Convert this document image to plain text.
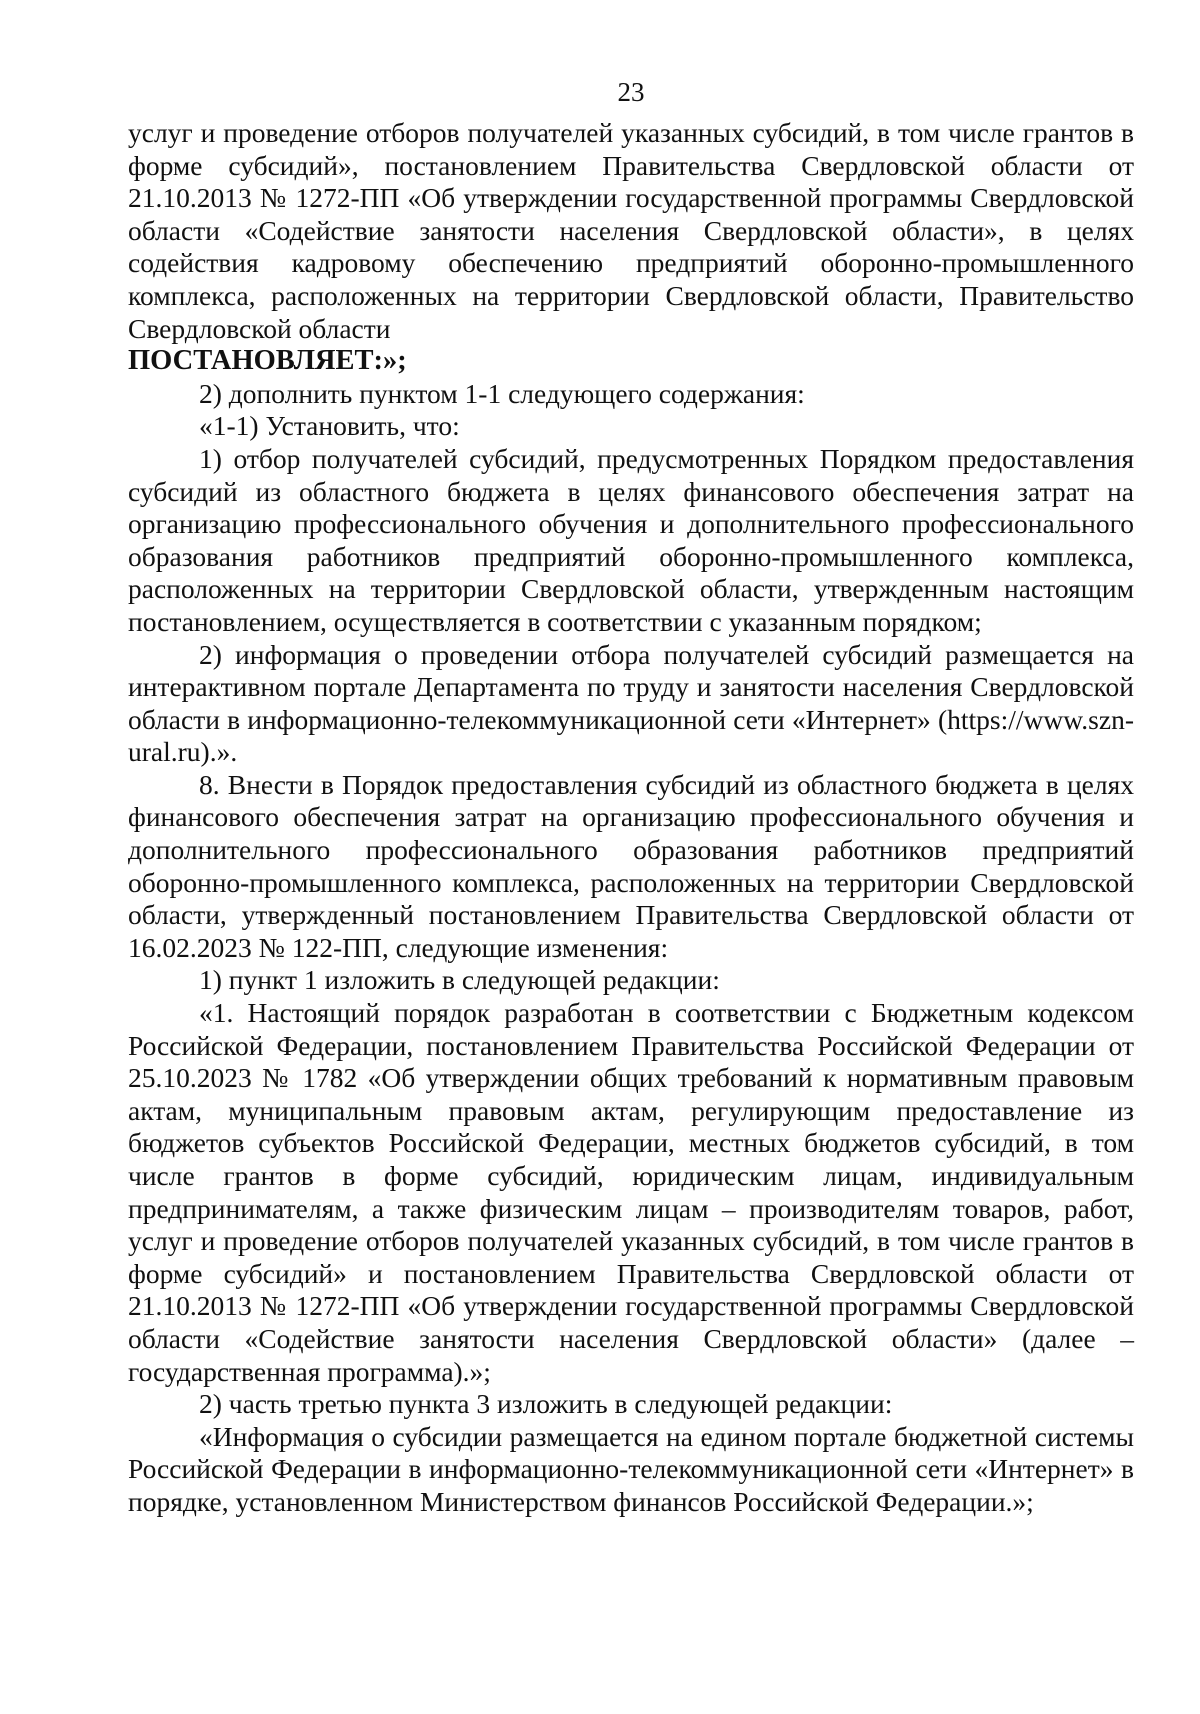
23

услуг и проведение отборов получателей указанных субсидий, в том числе грантов в форме субсидий», постановлением Правительства Свердловской области от 21.10.2013 № 1272-ПП «Об утверждении государственной программы Свердловской области «Содействие занятости населения Свердловской области», в целях содействия кадровому обеспечению предприятий оборонно-промышленного комплекса, расположенных на территории Свердловской области, Правительство Свердловской области

ПОСТАНОВЛЯЕТ:»;

2) дополнить пунктом 1-1 следующего содержания:

«1-1) Установить, что:

1) отбор получателей субсидий, предусмотренных Порядком предоставления субсидий из областного бюджета в целях финансового обеспечения затрат на организацию профессионального обучения и дополнительного профессионального образования работников предприятий оборонно-промышленного комплекса, расположенных на территории Свердловской области, утвержденным настоящим постановлением, осуществляется в соответствии с указанным порядком;

2) информация о проведении отбора получателей субсидий размещается на интерактивном портале Департамента по труду и занятости населения Свердловской области в информационно-телекоммуникационной сети «Интернет» (https://www.szn-ural.ru).».

8. Внести в Порядок предоставления субсидий из областного бюджета в целях финансового обеспечения затрат на организацию профессионального обучения и дополнительного профессионального образования работников предприятий оборонно-промышленного комплекса, расположенных на территории Свердловской области, утвержденный постановлением Правительства Свердловской области от 16.02.2023 № 122-ПП, следующие изменения:

1) пункт 1 изложить в следующей редакции:

«1. Настоящий порядок разработан в соответствии с Бюджетным кодексом Российской Федерации, постановлением Правительства Российской Федерации от 25.10.2023 № 1782 «Об утверждении общих требований к нормативным правовым актам, муниципальным правовым актам, регулирующим предоставление из бюджетов субъектов Российской Федерации, местных бюджетов субсидий, в том числе грантов в форме субсидий, юридическим лицам, индивидуальным предпринимателям, а также физическим лицам – производителям товаров, работ, услуг и проведение отборов получателей указанных субсидий, в том числе грантов в форме субсидий» и постановлением Правительства Свердловской области от 21.10.2013 № 1272-ПП «Об утверждении государственной программы Свердловской области «Содействие занятости населения Свердловской области» (далее – государственная программа).»;

2) часть третью пункта 3 изложить в следующей редакции:

«Информация о субсидии размещается на едином портале бюджетной системы Российской Федерации в информационно-телекоммуникационной сети «Интернет» в порядке, установленном Министерством финансов Российской Федерации.»;
